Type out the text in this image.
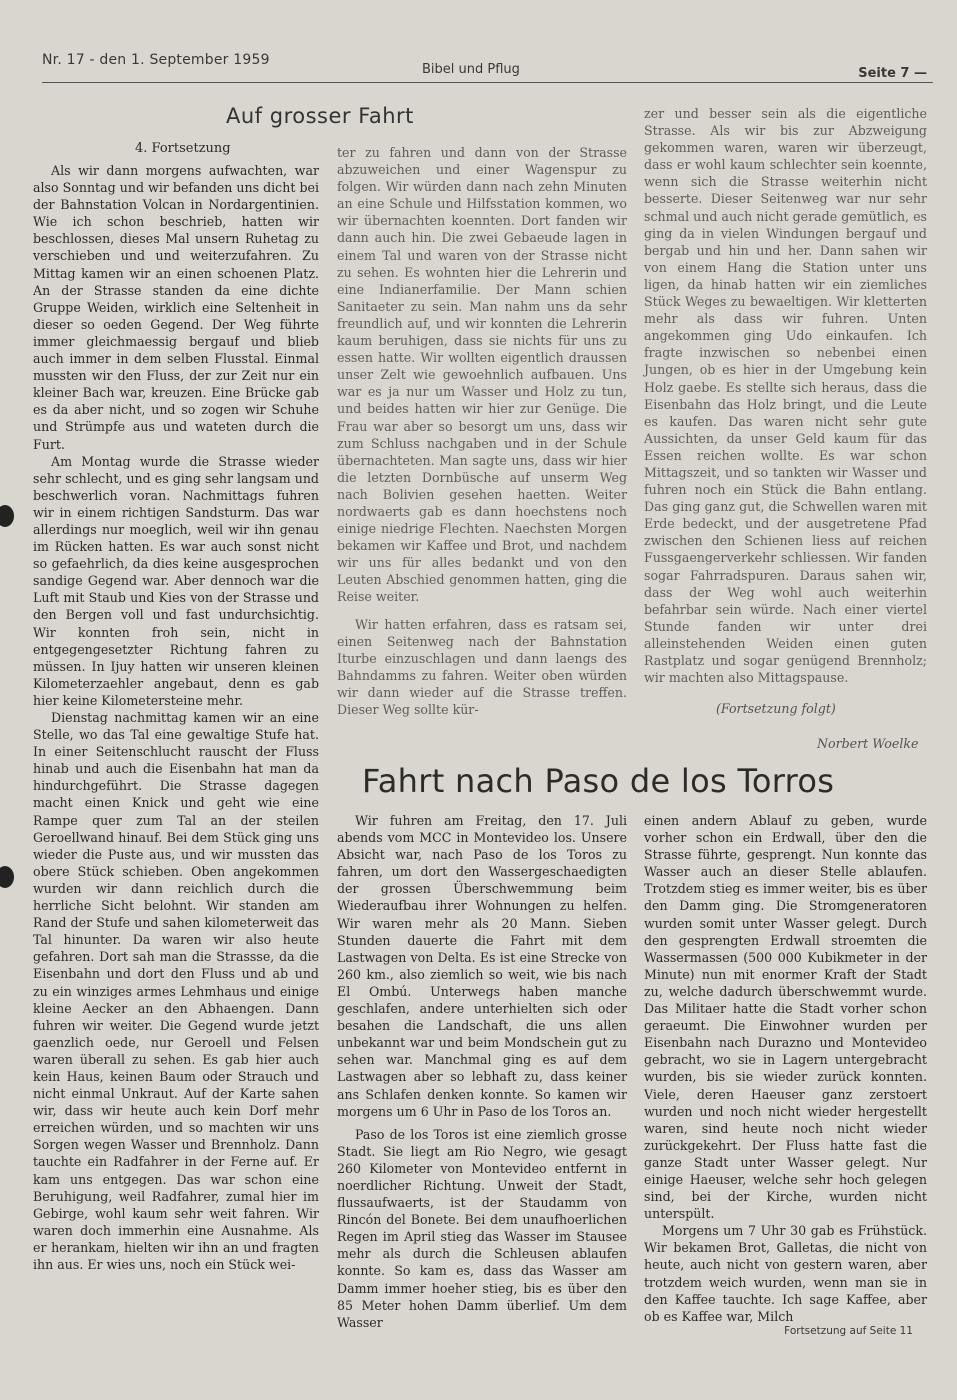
Nr. 17 - den 1. September 1959
Bibel und Pflug	Seite 7 —
Auf grosser Fahrt
4. Fortsetzung

Als wir dann morgens aufwachten, war also Sonntag und wir befanden uns dicht bei der Bahnstation Volcan in Nordargentinien. Wie ich schon beschrieb, hatten wir beschlossen, dieses Mal unsern Ruhetag zu verschieben und und weiterzufahren. Zu Mittag kamen wir an einen schoenen Platz. An der Strasse standen da eine dichte Gruppe Weiden, wirklich eine Seltenheit in dieser so oeden Gegend. Der Weg führte immer gleichmaessig bergauf und blieb auch immer in dem selben Flusstal. Einmal mussten wir den Fluss, der zur Zeit nur ein kleiner Bach war, kreuzen. Eine Brücke gab es da aber nicht, und so zogen wir Schuhe und Strümpfe aus und wateten durch die Furt.

Am Montag wurde die Strasse wieder sehr schlecht, und es ging sehr langsam und beschwerlich voran. Nachmittags fuhren wir in einem richtigen Sandsturm. Das war allerdings nur moeglich, weil wir ihn genau im Rücken hatten. Es war auch sonst nicht so gefaehrlich, da dies keine ausgesprochen sandige Gegend war. Aber dennoch war die Luft mit Staub und Kies von der Strasse und den Bergen voll und fast undurchsichtig. Wir konnten froh sein, nicht in entgegengesetzter Richtung fahren zu müssen. In Ijuy hatten wir unseren kleinen Kilometerzaehler angebaut, denn es gab hier keine Kilometersteine mehr.

Dienstag nachmittag kamen wir an eine Stelle, wo das Tal eine gewaltige Stufe hat. In einer Seitenschlucht rauscht der Fluss hinab und auch die Eisenbahn hat man da hindurchgeführt. Die Strasse dagegen macht einen Knick und geht wie eine Rampe quer zum Tal an der steilen Geroellwand hinauf. Bei dem Stück ging uns wieder die Puste aus, und wir mussten das obere Stück schieben. Oben angekommen wurden wir dann reichlich durch die herrliche Sicht belohnt. Wir standen am Rand der Stufe und sahen kilometerweit das Tal hinunter. Da waren wir also heute gefahren. Dort sah man die Strassse, da die Eisenbahn und dort den Fluss und ab und zu ein winziges armes Lehmhaus und einige kleine Aecker an den Abhaengen. Dann fuhren wir weiter. Die Gegend wurde jetzt gaenzlich oede, nur Geroell und Felsen waren überall zu sehen. Es gab hier auch kein Haus, keinen Baum oder Strauch und nicht einmal Unkraut. Auf der Karte sahen wir, dass wir heute auch kein Dorf mehr erreichen würden, und so machten wir uns Sorgen wegen Wasser und Brennholz. Dann tauchte ein Radfahrer in der Ferne auf. Er kam uns entgegen. Das war schon eine Beruhigung, weil Radfahrer, zumal hier im Gebirge, wohl kaum sehr weit fahren. Wir waren doch immerhin eine Ausnahme. Als er herankam, hielten wir ihn an und fragten ihn aus. Er wies uns, noch ein Stück wei-

ter zu fahren und dann von der Strasse abzuweichen und einer Wagenspur zu folgen. Wir würden dann nach zehn Minuten an eine Schule und Hilfsstation kommen, wo wir übernachten koennten. Dort fanden wir dann auch hin. Die zwei Gebaeude lagen in einem Tal und waren von der Strasse nicht zu sehen. Es wohnten hier die Lehrerin und eine Indianerfamilie. Der Mann schien Sanitaeter zu sein. Man nahm uns da sehr freundlich auf, und wir konnten die Lehrerin kaum beruhigen, dass sie nichts für uns zu essen hatte. Wir wollten eigentlich draussen unser Zelt wie gewoehnlich aufbauen. Uns war es ja nur um Wasser und Holz zu tun, und beides hatten wir hier zur Genüge. Die Frau war aber so besorgt um uns, dass wir zum Schluss nachgaben und in der Schule übernachteten. Man sagte uns, dass wir hier die letzten Dornbüsche auf unserm Weg nach Bolivien gesehen haetten. Weiter nordwaerts gab es dann hoechstens noch einige niedrige Flechten. Naechsten Morgen bekamen wir Kaffee und Brot, und nachdem wir uns für alles bedankt und von den Leuten Abschied genommen hatten, ging die Reise weiter.

Wir hatten erfahren, dass es ratsam sei, einen Seitenweg nach der Bahnstation Iturbe einzuschlagen und dann laengs des Bahndamms zu fahren. Weiter oben würden wir dann wieder auf die Strasse treffen. Dieser Weg sollte kür-

zer und besser sein als die eigentliche Strasse. Als wir bis zur Abzweigung gekommen waren, waren wir überzeugt, dass er wohl kaum schlechter sein koennte, wenn sich die Strasse weiterhin nicht besserte. Dieser Seitenweg war nur sehr schmal und auch nicht gerade gemütlich, es ging da in vielen Windungen bergauf und bergab und hin und her. Dann sahen wir von einem Hang die Station unter uns ligen, da hinab hatten wir ein ziemliches Stück Weges zu bewaeltigen. Wir kletterten mehr als dass wir fuhren. Unten angekommen ging Udo einkaufen. Ich fragte inzwischen so nebenbei einen Jungen, ob es hier in der Umgebung kein Holz gaebe. Es stellte sich heraus, dass die Eisenbahn das Holz bringt, und die Leute es kaufen. Das waren nicht sehr gute Aussichten, da unser Geld kaum für das Essen reichen wollte. Es war schon Mittagszeit, und so tankten wir Wasser und fuhren noch ein Stück die Bahn entlang. Das ging ganz gut, die Schwellen waren mit Erde bedeckt, und der ausgetretene Pfad zwischen den Schienen liess auf reichen Fussgaengerverkehr schliessen. Wir fanden sogar Fahrradspuren. Daraus sahen wir, dass der Weg wohl auch weiterhin befahrbar sein würde. Nach einer viertel Stunde fanden wir unter drei alleinstehenden Weiden einen guten Rastplatz und sogar genügend Brennholz; wir machten also Mittagspause.

(Fortsetzung folgt)
Norbert Woelke
Fahrt nach Paso de los Torros

Wir fuhren am Freitag, den 17. Juli abends vom MCC in Montevideo los. Unsere Absicht war, nach Paso de los Toros zu fahren, um dort den Wassergeschaedigten der grossen Überschwemmung beim Wiederaufbau ihrer Wohnungen zu helfen. Wir waren mehr als 20 Mann. Sieben Stunden dauerte die Fahrt mit dem Lastwagen von Delta. Es ist eine Strecke von 260 km., also ziemlich so weit, wie bis nach El Ombú. Unterwegs haben manche geschlafen, andere unterhielten sich oder besahen die Landschaft, die uns allen unbekannt war und beim Mondschein gut zu sehen war. Manchmal ging es auf dem Lastwagen aber so lebhaft zu, dass keiner ans Schlafen denken konnte. So kamen wir morgens um 6 Uhr in Paso de los Toros an.

Paso de los Toros ist eine ziemlich grosse Stadt. Sie liegt am Rio Negro, wie gesagt 260 Kilometer von Montevideo entfernt in noerdlicher Richtung. Unweit der Stadt, flussaufwaerts, ist der Staudamm von Rincón del Bonete. Bei dem unaufhoerlichen Regen im April stieg das Wasser im Stausee mehr als durch die Schleusen ablaufen konnte. So kam es, dass das Wasser am Damm immer hoeher stieg, bis es über den 85 Meter hohen Damm überlief. Um dem Wasser

einen andern Ablauf zu geben, wurde vorher schon ein Erdwall, über den die Strasse führte, gesprengt. Nun konnte das Wasser auch an dieser Stelle ablaufen. Trotzdem stieg es immer weiter, bis es über den Damm ging. Die Stromgeneratoren wurden somit unter Wasser gelegt. Durch den gesprengten Erdwall stroemten die Wassermassen (500 000 Kubikmeter in der Minute) nun mit enormer Kraft der Stadt zu, welche dadurch überschwemmt wurde. Das Militaer hatte die Stadt vorher schon geraeumt. Die Einwohner wurden per Eisenbahn nach Durazno und Montevideo gebracht, wo sie in Lagern untergebracht wurden, bis sie wieder zurück konnten. Viele, deren Haeuser ganz zerstoert wurden und noch nicht wieder hergestellt waren, sind heute noch nicht wieder zurückgekehrt. Der Fluss hatte fast die ganze Stadt unter Wasser gelegt. Nur einige Haeuser, welche sehr hoch gelegen sind, bei der Kirche, wurden nicht unterspült.

Morgens um 7 Uhr 30 gab es Frühstück. Wir bekamen Brot, Galletas, die nicht von heute, auch nicht von gestern waren, aber trotzdem weich wurden, wenn man sie in den Kaffee tauchte. Ich sage Kaffee, aber ob es Kaffee war, Milch

Fortsetzung auf Seite 11
